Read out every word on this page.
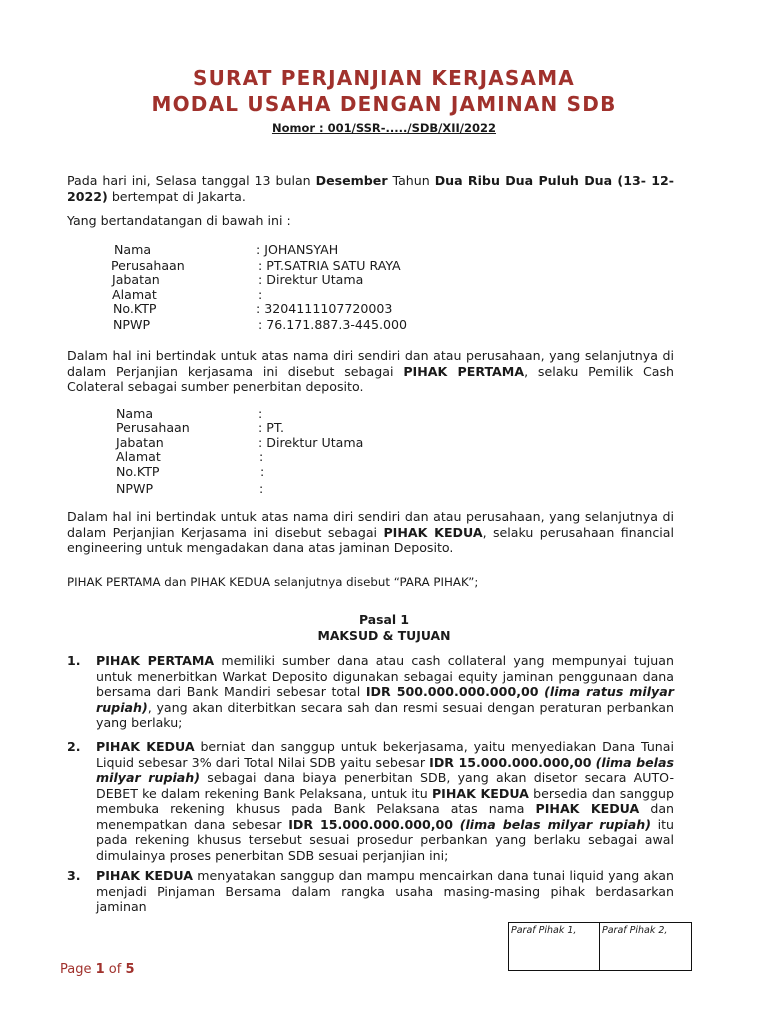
SURAT PERJANJIAN KERJASAMA
MODAL USAHA DENGAN JAMINAN SDB
Nomor : 001/SSR-...../SDB/XII/2022
Pada hari ini, Selasa tanggal 13 bulan Desember Tahun Dua Ribu Dua Puluh Dua (13- 12-2022) bertempat di Jakarta.
Yang bertandatangan di bawah ini :
Nama
Perusahaan
Jabatan
Alamat
No.KTP
NPWP
: JOHANSYAH
: PT.SATRIA SATU RAYA
: Direktur Utama
:
: 3204111107720003
: 76.171.887.3-445.000
Dalam hal ini bertindak untuk atas nama diri sendiri dan atau perusahaan, yang selanjutnya di dalam Perjanjian kerjasama ini disebut sebagai PIHAK PERTAMA, selaku Pemilik Cash Colateral sebagai sumber penerbitan deposito.
Nama
Perusahaan
Jabatan
Alamat
No.KTP
NPWP
:
: PT.
: Direktur Utama
:
:
:
Dalam hal ini bertindak untuk atas nama diri sendiri dan atau perusahaan, yang selanjutnya di dalam Perjanjian Kerjasama ini disebut sebagai PIHAK KEDUA, selaku perusahaan financial engineering untuk mengadakan dana atas jaminan Deposito.
PIHAK PERTAMA dan PIHAK KEDUA selanjutnya disebut “PARA PIHAK”;
Pasal 1
MAKSUD & TUJUAN
1. PIHAK PERTAMA memiliki sumber dana atau cash collateral yang mempunyai tujuan untuk menerbitkan Warkat Deposito digunakan sebagai equity jaminan penggunaan dana bersama dari Bank Mandiri sebesar total IDR 500.000.000.000,00 (lima ratus milyar rupiah), yang akan diterbitkan secara sah dan resmi sesuai dengan peraturan perbankan yang berlaku;
2. PIHAK KEDUA berniat dan sanggup untuk bekerjasama, yaitu menyediakan Dana Tunai Liquid sebesar 3% dari Total Nilai SDB yaitu sebesar IDR 15.000.000.000,00 (lima belas milyar rupiah) sebagai dana biaya penerbitan SDB, yang akan disetor secara AUTO-DEBET ke dalam rekening Bank Pelaksana, untuk itu PIHAK KEDUA bersedia dan sanggup membuka rekening khusus pada Bank Pelaksana atas nama PIHAK KEDUA dan menempatkan dana sebesar IDR 15.000.000.000,00 (lima belas milyar rupiah) itu pada rekening khusus tersebut sesuai prosedur perbankan yang berlaku sebagai awal dimulainya proses penerbitan SDB sesuai perjanjian ini;
3. PIHAK KEDUA menyatakan sanggup dan mampu mencairkan dana tunai liquid yang akan menjadi Pinjaman Bersama dalam rangka usaha masing-masing pihak berdasarkan jaminan
Paraf Pihak 1,	Paraf Pihak 2,
Page 1 of 5
